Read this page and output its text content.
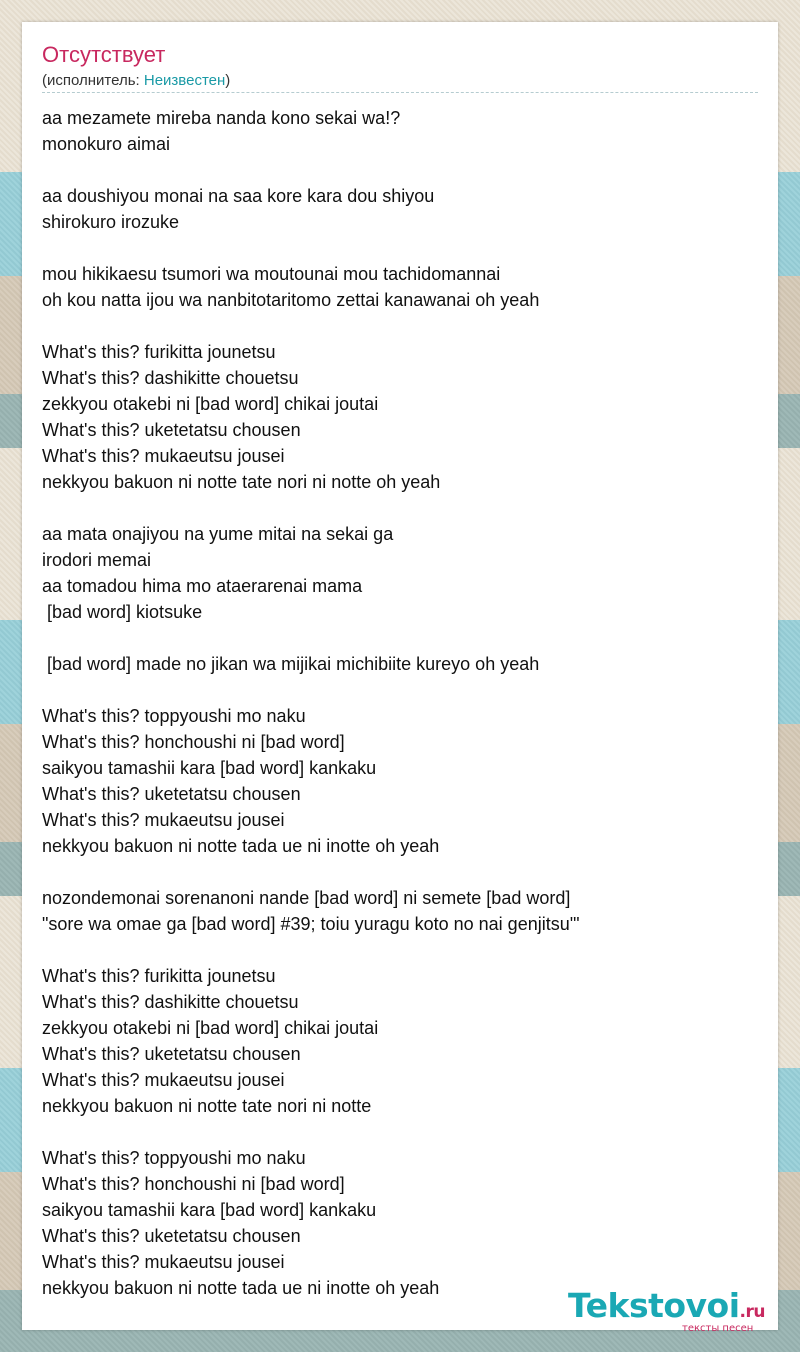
Отсутствует
(исполнитель: Неизвестен)
aa mezamete mireba nanda kono sekai wa!?
monokuro aimai
aa doushiyou monai na saa kore kara dou shiyou
shirokuro irozuke
mou hikikaesu tsumori wa moutounai mou tachidomannai
oh kou natta ijou wa nanbitotaritomo zettai kanawanai oh yeah
What's this? furikitta jounetsu
What's this? dashikitte chouetsu
zekkyou otakebi ni [bad word] chikai joutai
What's this? uketetatsu chousen
What's this? mukaeutsu jousei
nekkyou bakuon ni notte tate nori ni notte oh yeah
aa mata onajiyou na yume mitai na sekai ga
irodori memai
aa tomadou hima mo ataerarenai mama
[bad word] kiotsuke
[bad word] made no jikan wa mijikai michibiite kureyo oh yeah
What's this? toppyoushi mo naku
What's this? honchoushi ni [bad word]
saikyou tamashii kara [bad word] kankaku
What's this? uketetatsu chousen
What's this? mukaeutsu jousei
nekkyou bakuon ni notte tada ue ni inotte oh yeah
nozondemonai sorenanoni nande [bad word] ni semete [bad word]
"sore wa omae ga [bad word] #39; toiu yuragu koto no nai genjitsu'"
What's this? furikitta jounetsu
What's this? dashikitte chouetsu
zekkyou otakebi ni [bad word] chikai joutai
What's this? uketetatsu chousen
What's this? mukaeutsu jousei
nekkyou bakuon ni notte tate nori ni notte
What's this? toppyoushi mo naku
What's this? honchoushi ni [bad word]
saikyou tamashii kara [bad word] kankaku
What's this? uketetatsu chousen
What's this? mukaeutsu jousei
nekkyou bakuon ni notte tada ue ni inotte oh yeah	Tekstovoi.ru
тексты песен
